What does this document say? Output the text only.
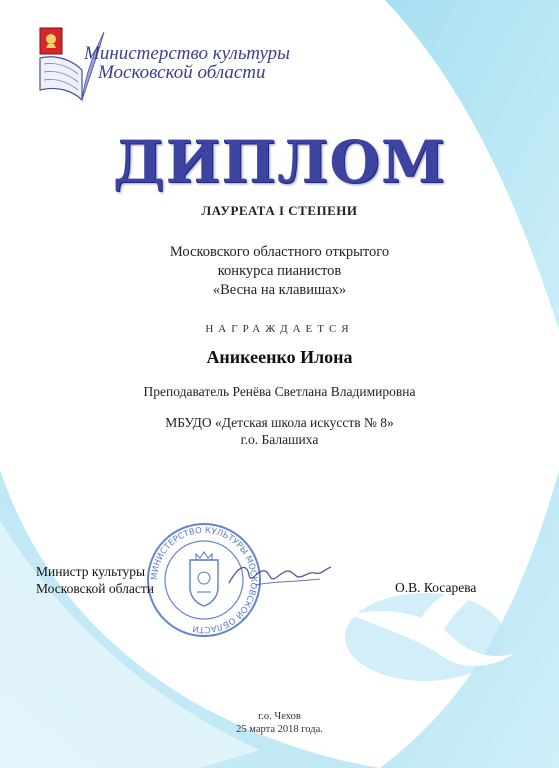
Министерство культуры
Московской области
ДИПЛОМ
ЛАУРЕАТА I СТЕПЕНИ
Московского областного открытого
конкурса пианистов
«Весна на клавишах»
НАГРАЖДАЕТСЯ
Аникеенко Илона
Преподаватель Ренёва Светлана Владимировна
МБУДО «Детская школа искусств № 8»
г.о. Балашиха
МИНИСТЕРСТВО КУЛЬТУРЫ МОСКОВСКОЙ ОБЛАСТИ
Министр культуры
Московской области	О.В. Косарева
г.о. Чехов
25 марта 2018 года.
